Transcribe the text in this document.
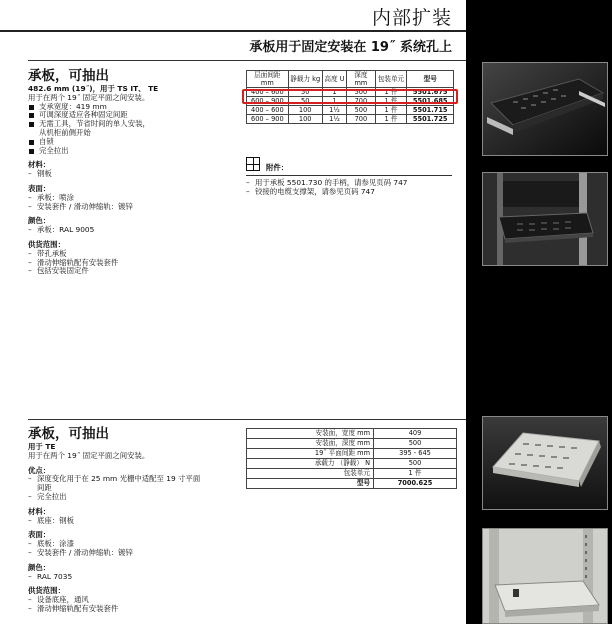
内部扩装
承板用于固定安装在 19˝ 系统孔上
承板，可抽出
482.6 mm (19˝)，用于 TS IT、 TE
用于在两个 19˝ 固定平面之间安装。
支承宽度：419 mm
可调深度适应各种固定间距
无需工具，节省时间的单人安装，
从机柜前侧开始
自锁
完全拉出
材料：
– 钢板
表面：
– 承板：喷涂
– 安装套件 / 滑动伸缩轨：镀锌
颜色：
– 承板：RAL 9005
供货范围：
– 带孔承板
– 滑动伸缩轨配有安装套件
– 包括安装固定件
层面间距 mm	静载力 kg	高度 U	深度 mm	包装单元	型号
400 – 600	50	1	500	1 件	5501.675
600 – 900	50	1	700	1 件	5501.685
400 – 600	100	1½	500	1 件	5501.715
600 – 900	100	1½	700	1 件	5501.725
附件：
– 用于承板 5501.730 的手柄，请参见页码 747
– 铰接的电缆支撑架，请参见页码 747
承板，可抽出
用于 TE
用于在两个 19˝ 固定平面之间安装。
优点：
– 深度变化用于在 25 mm 光栅中适配至 19 寸平面
间距
– 完全拉出
材料：
– 底座：钢板
表面：
– 底板：涂漆
– 安装套件 / 滑动伸缩轨：镀锌
颜色：
– RAL 7035
供货范围：
– 设备底座，通风
– 滑动伸缩轨配有安装套件
安装面，宽度 mm	409
安装面，深度 mm	500
19˝ 平面间距 mm	395 - 645
承载力 （静载） N	500
包装单元	1 件
型号	7000.625
